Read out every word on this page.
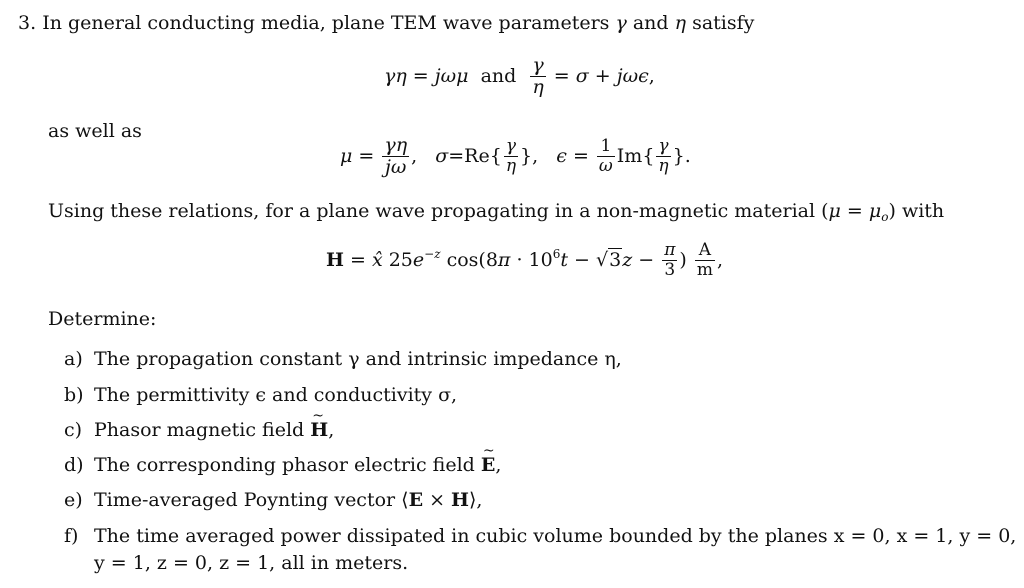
3. In general conducting media, plane TEM wave parameters γ and η satisfy
γη = jωμ  and $\frac{\gamma}{\eta} = \sigma + j\omega\epsilon$,
as well as
$\mu = \frac{\gamma\eta}{j\omega}$ ,   $\sigma=Re\{ \frac{\gamma}{\eta}$ },   $\epsilon = \frac{1}{\omega} Im\{ \frac{\gamma}{\eta}$ }.
Using these relations, for a plane wave propagating in a non-magnetic material $(\mu = \mu_o)$ with
H = x̂ $25e^{-z}$ $\cos(8\pi \cdot 10^6t - √3z - \frac{\pi}{3}$ ) $\frac{A}{m}$ ,
Determine:
a) The propagation constant γ and intrinsic impedance η,
b) The permittivity ϵ and conductivity σ,
c) Phasor magnetic field ~ H,
d) The corresponding phasor electric field ~ E,
e) Time-averaged Poynting vector ⟨E × H⟩,
f) The time averaged power dissipated in cubic volume bounded by the planes x = 0, x = 1, y = 0,
y = 1, z = 0, z = 1, all in meters.
